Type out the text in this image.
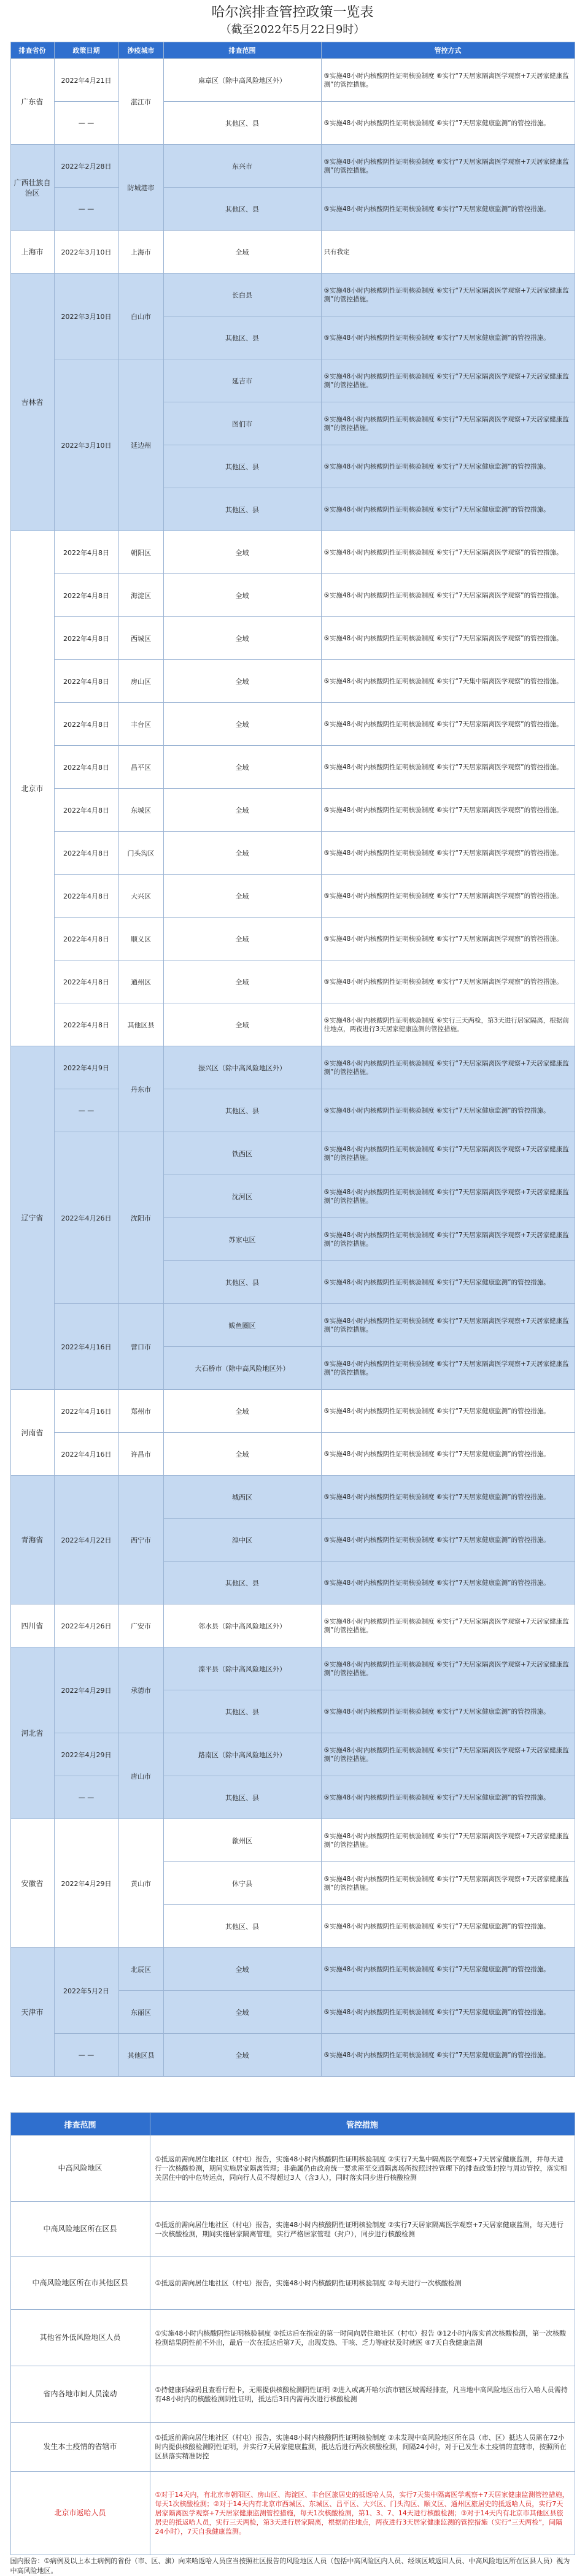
哈尔滨排查管控政策一览表
（截至2022年5月22日9时）
排查省份	政策日期	涉疫城市	排查范围	管控方式
广东省	2022年4月21日	湛江市	麻章区（除中高风险地区外）	⑤实施48小时内核酸阴性证明核验制度 ⑥实行“7天居家隔离医学观察+7天居家健康监测”的管控措施。
	— —		其他区、县	⑤实施48小时内核酸阴性证明核验制度 ⑥实行“7天居家健康监测”的管控措施。
广西壮族自治区	2022年2月28日	防城港市	东兴市	⑤实施48小时内核酸阴性证明核验制度 ⑥实行“7天居家隔离医学观察+7天居家健康监测”的管控措施。
	— —		其他区、县	⑤实施48小时内核酸阴性证明核验制度 ⑥实行“7天居家健康监测”的管控措施。
上海市	2022年3月10日	上海市	全域	只有我定
吉林省	2022年3月10日	白山市	长白县	⑤实施48小时内核酸阴性证明核验制度 ⑥实行“7天居家隔离医学观察+7天居家健康监测”的管控措施。
			其他区、县	⑤实施48小时内核酸阴性证明核验制度 ⑥实行“7天居家健康监测”的管控措施。
	2022年3月10日	延边州	延吉市	⑤实施48小时内核酸阴性证明核验制度 ⑥实行“7天居家隔离医学观察+7天居家健康监测”的管控措施。
			图们市	⑤实施48小时内核酸阴性证明核验制度 ⑥实行“7天居家隔离医学观察+7天居家健康监测”的管控措施。
			其他区、县	⑤实施48小时内核酸阴性证明核验制度 ⑥实行“7天居家健康监测”的管控措施。
			其他区、县	⑤实施48小时内核酸阴性证明核验制度 ⑥实行“7天居家健康监测”的管控措施。
北京市	2022年4月8日	朝阳区	全域	⑤实施48小时内核酸阴性证明核验制度 ⑥实行“7天居家隔离医学观察”的管控措施。
	2022年4月8日	海淀区	全域	⑤实施48小时内核酸阴性证明核验制度 ⑥实行“7天居家隔离医学观察”的管控措施。
	2022年4月8日	西城区	全域	⑤实施48小时内核酸阴性证明核验制度 ⑥实行“7天居家隔离医学观察”的管控措施。
	2022年4月8日	房山区	全域	⑤实施48小时内核酸阴性证明核验制度 ⑥实行“7天集中隔离医学观察”的管控措施。
	2022年4月8日	丰台区	全域	⑤实施48小时内核酸阴性证明核验制度 ⑥实行“7天居家隔离医学观察”的管控措施。
	2022年4月8日	昌平区	全域	⑤实施48小时内核酸阴性证明核验制度 ⑥实行“7天居家隔离医学观察”的管控措施。
	2022年4月8日	东城区	全域	⑤实施48小时内核酸阴性证明核验制度 ⑥实行“7天居家隔离医学观察”的管控措施。
	2022年4月8日	门头沟区	全域	⑤实施48小时内核酸阴性证明核验制度 ⑥实行“7天居家隔离医学观察”的管控措施。
	2022年4月8日	大兴区	全域	⑤实施48小时内核酸阴性证明核验制度 ⑥实行“7天居家隔离医学观察”的管控措施。
	2022年4月8日	顺义区	全域	⑤实施48小时内核酸阴性证明核验制度 ⑥实行“7天居家隔离医学观察”的管控措施。
	2022年4月8日	通州区	全域	⑤实施48小时内核酸阴性证明核验制度 ⑥实行“7天居家隔离医学观察”的管控措施。
	2022年4月8日	其他区县	全域	⑤实施48小时内核酸阴性证明核验制度 ⑥实行三天两检，第3天进行居家隔离，根据前往地点，两夜进行3天居家健康监测的管控措施。
辽宁省	2022年4月9日	丹东市	振兴区（除中高风险地区外）	⑤实施48小时内核酸阴性证明核验制度 ⑥实行“7天居家隔离医学观察+7天居家健康监测”的管控措施。
	— —		其他区、县	⑤实施48小时内核酸阴性证明核验制度 ⑥实行“7天居家健康监测”的管控措施。
	2022年4月26日	沈阳市	铁西区	⑤实施48小时内核酸阴性证明核验制度 ⑥实行“7天居家隔离医学观察+7天居家健康监测”的管控措施。
			沈河区	⑤实施48小时内核酸阴性证明核验制度 ⑥实行“7天居家隔离医学观察+7天居家健康监测”的管控措施。
			苏家屯区	⑤实施48小时内核酸阴性证明核验制度 ⑥实行“7天居家隔离医学观察+7天居家健康监测”的管控措施。
			其他区、县	⑤实施48小时内核酸阴性证明核验制度 ⑥实行“7天居家健康监测”的管控措施。
	2022年4月16日	营口市	鲅鱼圈区	⑤实施48小时内核酸阴性证明核验制度 ⑥实行“7天居家隔离医学观察+7天居家健康监测”的管控措施。
			大石桥市（除中高风险地区外）	⑤实施48小时内核酸阴性证明核验制度 ⑥实行“7天居家隔离医学观察+7天居家健康监测”的管控措施。
河南省	2022年4月16日	郑州市	全域	⑤实施48小时内核酸阴性证明核验制度 ⑥实行“7天居家健康监测”的管控措施。
	2022年4月16日	许昌市	全域	⑤实施48小时内核酸阴性证明核验制度 ⑥实行“7天居家健康监测”的管控措施。
青海省	2022年4月22日	西宁市	城西区	⑤实施48小时内核酸阴性证明核验制度 ⑥实行“7天居家健康监测”的管控措施。
			湟中区	⑤实施48小时内核酸阴性证明核验制度 ⑥实行“7天居家健康监测”的管控措施。
			其他区、县	⑤实施48小时内核酸阴性证明核验制度 ⑥实行“7天居家健康监测”的管控措施。
四川省	2022年4月26日	广安市	邻水县（除中高风险地区外）	⑤实施48小时内核酸阴性证明核验制度 ⑥实行“7天居家隔离医学观察+7天居家健康监测”的管控措施。
河北省	2022年4月29日	承德市	滦平县（除中高风险地区外）	⑤实施48小时内核酸阴性证明核验制度 ⑥实行“7天居家隔离医学观察+7天居家健康监测”的管控措施。
			其他区、县	⑤实施48小时内核酸阴性证明核验制度 ⑥实行“7天居家健康监测”的管控措施。
	2022年4月29日	唐山市	路南区（除中高风险地区外）	⑤实施48小时内核酸阴性证明核验制度 ⑥实行“7天居家隔离医学观察+7天居家健康监测”的管控措施。
	— —		其他区、县	⑤实施48小时内核酸阴性证明核验制度 ⑥实行“7天居家健康监测”的管控措施。
安徽省	2022年4月29日	黄山市	歙州区	⑤实施48小时内核酸阴性证明核验制度 ⑥实行“7天居家隔离医学观察+7天居家健康监测”的管控措施。
			休宁县	⑤实施48小时内核酸阴性证明核验制度 ⑥实行“7天居家隔离医学观察+7天居家健康监测”的管控措施。
			其他区、县	⑤实施48小时内核酸阴性证明核验制度 ⑥实行“7天居家健康监测”的管控措施。
天津市	2022年5月2日	北辰区	全域	⑤实施48小时内核酸阴性证明核验制度 ⑥实行“7天居家健康监测”的管控措施。
		东丽区	全域	⑤实施48小时内核酸阴性证明核验制度 ⑥实行“7天居家健康监测”的管控措施。
	— —	其他区县	全域	⑤实施48小时内核酸阴性证明核验制度 ⑥实行“7天居家健康监测”的管控措施。
排查范围	管控措施
中高风险地区	①抵返前需向居住地社区（村屯）报告，实施48小时内核酸阴性证明核验制度 ②实行7天集中隔离医学观察+7天居家健康监测，并每天进行一次核酸检测，期间实施居家隔离管理；非确属仍由政府统一要求需至交通隔离场所按照封控管理下的排查政策封控与周边管控，落实相关居住中的中危转运点，同向行人员不得超过3人（含3人），同时落实同步进行核酸检测
中高风险地区所在区县	①抵返前需向居住地社区（村屯）报告，实施48小时内核酸阴性证明核验制度 ②实行7天居家隔离医学观察+7天居家健康监测，每天进行一次核酸检测，期间实施居家隔离管理，实行严格居家管理（封户），同步进行核酸检测
中高风险地区所在市其他区县	①抵返前需向居住地社区（村屯）报告，实施48小时内核酸阴性证明核验制度 ②每天进行一次核酸检测
其他省外低风险地区人员	①实施48小时内核酸阴性证明核验制度 ②抵达后在指定的第一时间向居住地社区（村屯）报告 ③12小时内落实首次核酸检测，第一次核酸检测结果阴性前不外出，最后一次在抵达后第7天，出现发热、干咳、乏力等症状及时就医 ④7天自我健康监测
省内各地市间人员流动	①持健康码绿码且查看行程卡，无需提供核酸检测阴性证明 ②进入或离开哈尔滨市辖区域需经排查，凡当地中高风险地区出行入哈人员需持有48小时内的核酸检测阴性证明，抵达后3日内需再次进行核酸检测
发生本土疫情的省辖市	①抵返前需向居住地社区（村屯）报告，实施48小时内核酸阴性证明核验制度 ②未发现中高风险地区所在县（市、区）抵达人员需在72小时内提供核酸检测阴性证明，并实行7天居家健康监测，抵达后进行两次核酸检测，间隔24小时，对于已发生本土疫情的直辖市，按照所在区县落实精准防控
北京市返哈人员	①对于14天内，有北京市朝阳区、房山区、海淀区、丰台区旅居史的抵返哈人员，实行7天集中隔离医学观察+7天居家健康监测管控措施，每天1次核酸检测；②对于14天内有北京市西城区、东城区、昌平区、大兴区、门头沟区、顺义区、通州区旅居史的抵返哈人员，实行7天居家隔离医学观察+7天居家健康监测管控措施，每天1次核酸检测，第1、3、7、14天进行核酸检测；③对于14天内有北京市其他区县旅居史的抵返哈人员，实行三天两检，第3天进行居家隔离，根据前往地点，两夜进行3天居家健康监测的管控措施（实行“三天两检”，间隔24小时），7天自我健康监测。
国内报告：①病例及以上本土病例的省份（市、区、旗）向来哈返哈人员应当按照社区报告的风险地区人员（包括中高风险区内人员、经该区域返回人员、中高风险地区所在区县人员）视为中高风险地区。
